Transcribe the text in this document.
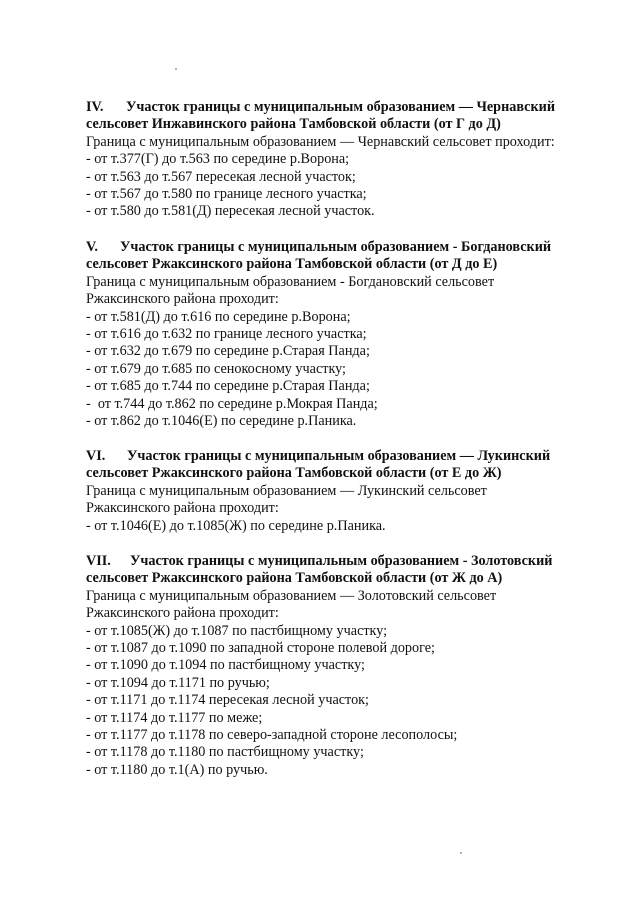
IV. Участок границы с муниципальным образованием — Чернавский
сельсовет Инжавинского района Тамбовской области (от Г до Д)
Граница с муниципальным образованием — Чернавский сельсовет проходит:
- от т.377(Г) до т.563 по середине р.Ворона;
- от т.563 до т.567 пересекая лесной участок;
- от т.567 до т.580 по границе лесного участка;
- от т.580 до т.581(Д) пересекая лесной участок.
V. Участок границы с муниципальным образованием - Богдановский
сельсовет Ржаксинского района Тамбовской области (от Д до Е)
Граница с муниципальным образованием - Богдановский сельсовет
Ржаксинского района проходит:
- от т.581(Д) до т.616 по середине р.Ворона;
- от т.616 до т.632 по границе лесного участка;
- от т.632 до т.679 по середине р.Старая Панда;
- от т.679 до т.685 по сенокосному участку;
- от т.685 до т.744 по середине р.Старая Панда;
-  от т.744 до т.862 по середине р.Мокрая Панда;
- от т.862 до т.1046(Е) по середине р.Паника.
VI. Участок границы с муниципальным образованием — Лукинский
сельсовет Ржаксинского района Тамбовской области (от Е до Ж)
Граница с муниципальным образованием — Лукинский сельсовет
Ржаксинского района проходит:
- от т.1046(Е) до т.1085(Ж) по середине р.Паника.
VII. Участок границы с муниципальным образованием - Золотовский
сельсовет Ржаксинского района Тамбовской области (от Ж до А)
Граница с муниципальным образованием — Золотовский сельсовет
Ржаксинского района проходит:
- от т.1085(Ж) до т.1087 по пастбищному участку;
- от т.1087 до т.1090 по западной стороне полевой дороге;
- от т.1090 до т.1094 по пастбищному участку;
- от т.1094 до т.1171 по ручью;
- от т.1171 до т.1174 пересекая лесной участок;
- от т.1174 до т.1177 по меже;
- от т.1177 до т.1178 по северо-западной стороне лесополосы;
- от т.1178 до т.1180 по пастбищному участку;
- от т.1180 до т.1(А) по ручью.
